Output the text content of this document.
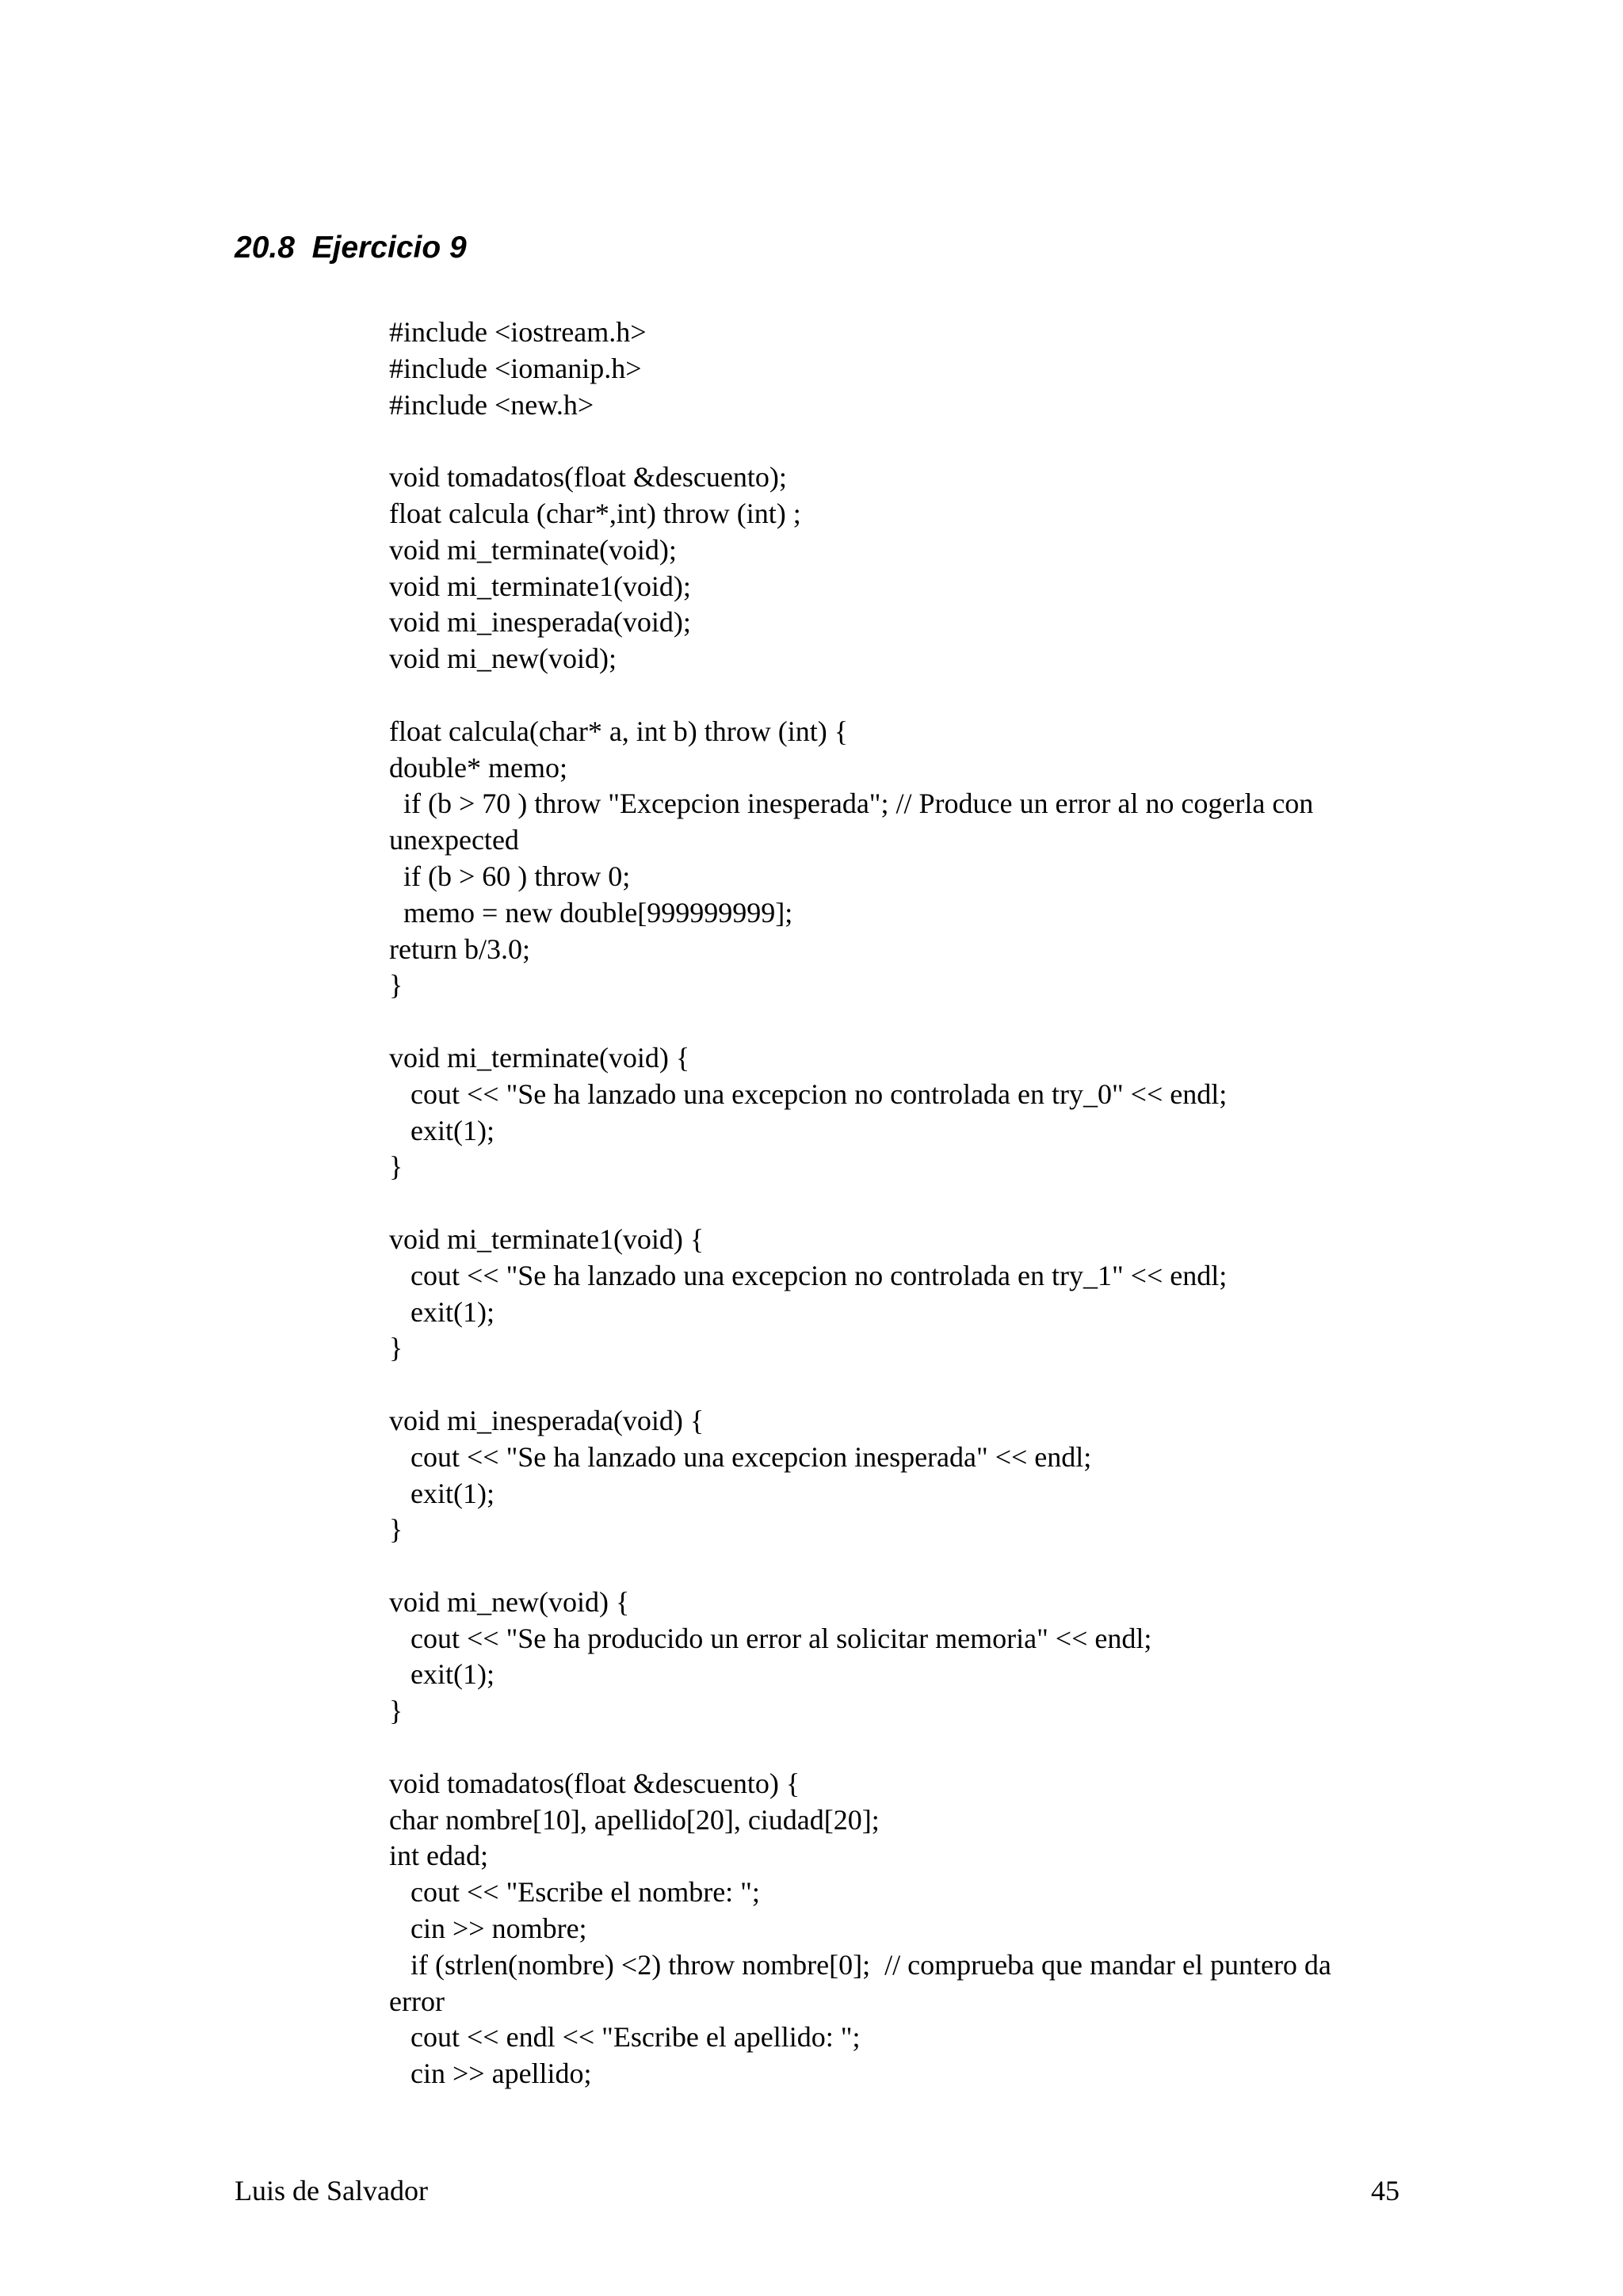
20.8  Ejercicio 9
#include <iostream.h>
#include <iomanip.h>
#include <new.h>
void tomadatos(float &descuento);
float calcula (char*,int) throw (int) ;
void mi_terminate(void);
void mi_terminate1(void);
void mi_inesperada(void);
void mi_new(void);
float calcula(char* a, int b) throw (int) {
double* memo;
if (b > 70 ) throw "Excepcion inesperada"; // Produce un error al no cogerla con
unexpected
if (b > 60 ) throw 0;
memo = new double[999999999];
return b/3.0;
}
void mi_terminate(void) {
cout << "Se ha lanzado una excepcion no controlada en try_0" << endl;
exit(1);
}
void mi_terminate1(void) {
cout << "Se ha lanzado una excepcion no controlada en try_1" << endl;
exit(1);
}
void mi_inesperada(void) {
cout << "Se ha lanzado una excepcion inesperada" << endl;
exit(1);
}
void mi_new(void) {
cout << "Se ha producido un error al solicitar memoria" << endl;
exit(1);
}
void tomadatos(float &descuento) {
char nombre[10], apellido[20], ciudad[20];
int edad;
cout << "Escribe el nombre: ";
cin >> nombre;
if (strlen(nombre) <2) throw nombre[0];  // comprueba que mandar el puntero da
error
cout << endl << "Escribe el apellido: ";
cin >> apellido;
Luis de Salvador	45
